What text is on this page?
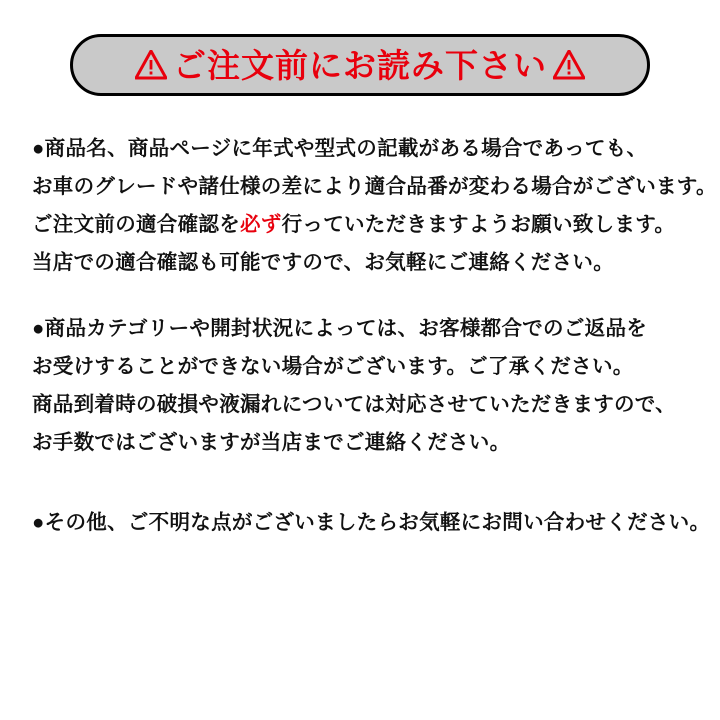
ご注文前にお読み下さい
●商品名、商品ページに年式や型式の記載がある場合であっても、
お車のグレードや諸仕様の差により適合品番が変わる場合がございます。
ご注文前の適合確認を必ず行っていただきますようお願い致します。
当店での適合確認も可能ですので、お気軽にご連絡ください。
●商品カテゴリーや開封状況によっては、お客様都合でのご返品を
お受けすることができない場合がございます。ご了承ください。
商品到着時の破損や液漏れについては対応させていただきますので、
お手数ではございますが当店までご連絡ください。
●その他、ご不明な点がございましたらお気軽にお問い合わせください。
